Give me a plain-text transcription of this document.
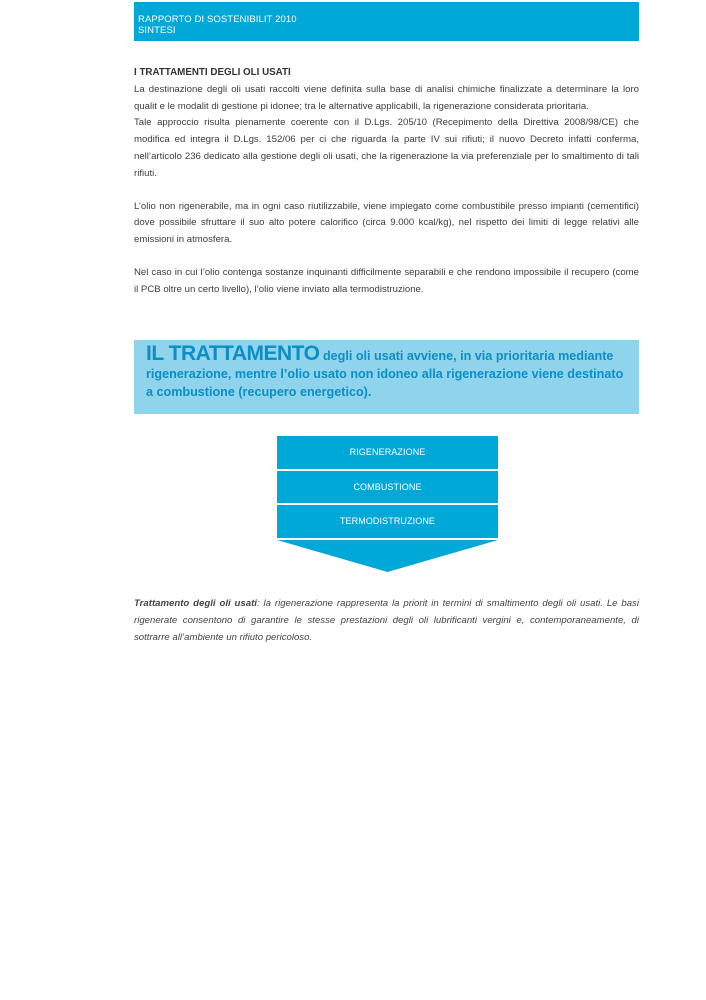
RAPPORTO DI SOSTENIBILIT 2010
SINTESI
I TRATTAMENTI DEGLI OLI USATI

La destinazione degli oli usati raccolti viene definita sulla base di analisi chimiche finalizzate a determinare la loro qualit e le modalit di gestione pi idonee; tra le alternative applicabili, la rigenerazione considerata prioritaria.

Tale approccio risulta pienamente coerente con il D.Lgs. 205/10 (Recepimento della Direttiva 2008/98/CE) che modifica ed integra il D.Lgs. 152/06 per ci che riguarda la parte IV sui rifiuti; il nuovo Decreto infatti conferma, nell’articolo 236 dedicato alla gestione degli oli usati, che la rigenerazione la via preferenziale per lo smaltimento di tali rifiuti.

L’olio non rigenerabile, ma in ogni caso riutilizzabile, viene impiegato come combustibile presso impianti (cementifici) dove possibile sfruttare il suo alto potere calorifico (circa 9.000 kcal/kg), nel rispetto dei limiti di legge relativi alle emissioni in atmosfera.

Nel caso in cui l’olio contenga sostanze inquinanti difficilmente separabili e che rendono impossibile il recupero (come il PCB oltre un certo livello), l’olio viene inviato alla termodistruzione.

IL TRATTAMENTO degli oli usati avviene, in via prioritaria mediante rigenerazione, mentre l’olio usato non idoneo alla rigenerazione viene destinato a combustione (recupero energetico).
RIGENERAZIONE
COMBUSTIONE
TERMODISTRUZIONE
Trattamento degli oli usati: la rigenerazione rappresenta la priorit in termini di smaltimento degli oli usati. Le basi rigenerate consentono di garantire le stesse prestazioni degli oli lubrificanti vergini e, contemporaneamente, di sottrarre all’ambiente un rifiuto pericoloso.
